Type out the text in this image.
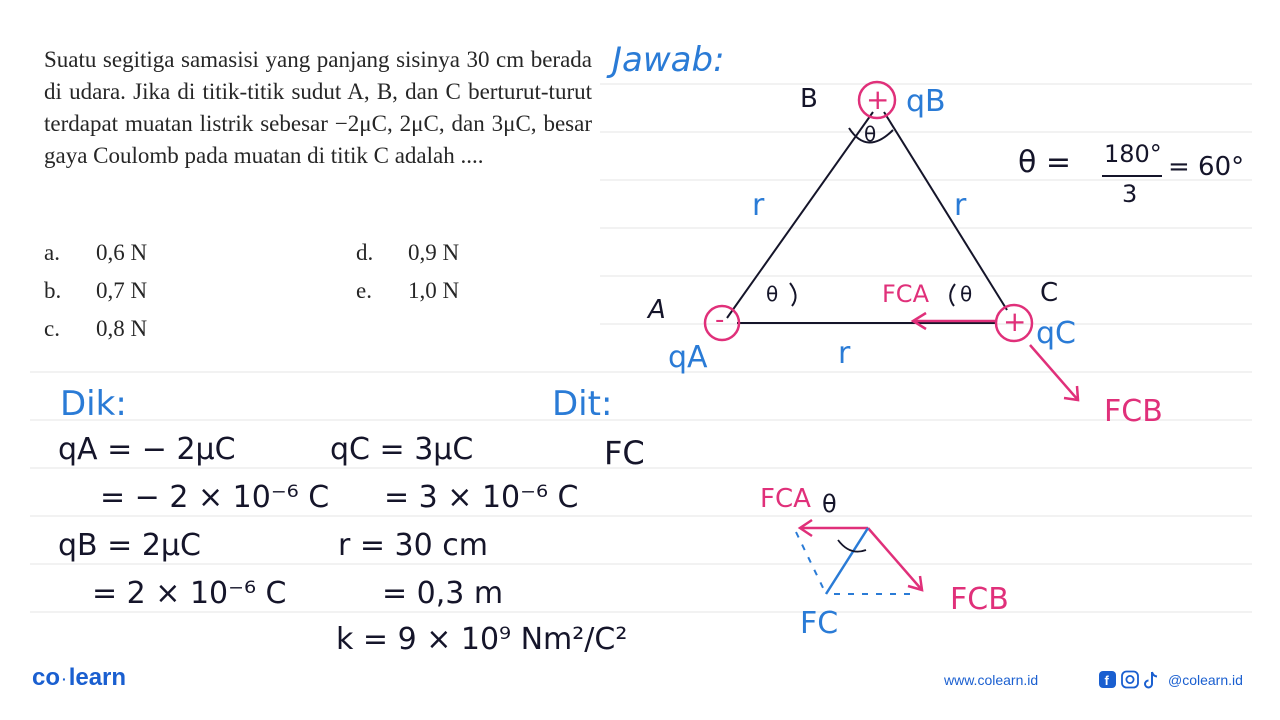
Suatu segitiga samasisi yang panjang sisinya 30 cm berada di udara. Jika di titik-titik sudut A, B, dan C berturut-turut terdapat muatan listrik sebesar −2μC, 2μC, dan 3μC, besar gaya Coulomb pada muatan di titik C adalah ....
a. 0,6 N
b. 0,7 N
c. 0,8 N
d. 0,9 N
e. 1,0 N
Jawab:
+
-	+
B	qB
θ
A
qA
θ	C
qC
θ
r	r
r
FCA
FCB
θ = 180°
3
= 60°
Dik:
qA = − 2μC
= − 2 × 10⁻⁶ C
qB = 2μC
= 2 × 10⁻⁶ C
qC = 3μC
= 3 × 10⁻⁶ C
r = 30 cm
= 0,3 m
k = 9 × 10⁹ Nm²/C²
Dit:
FC
FCA θ
FCB
FC
co ·learn	www.colearn.id	f	@colearn.id
